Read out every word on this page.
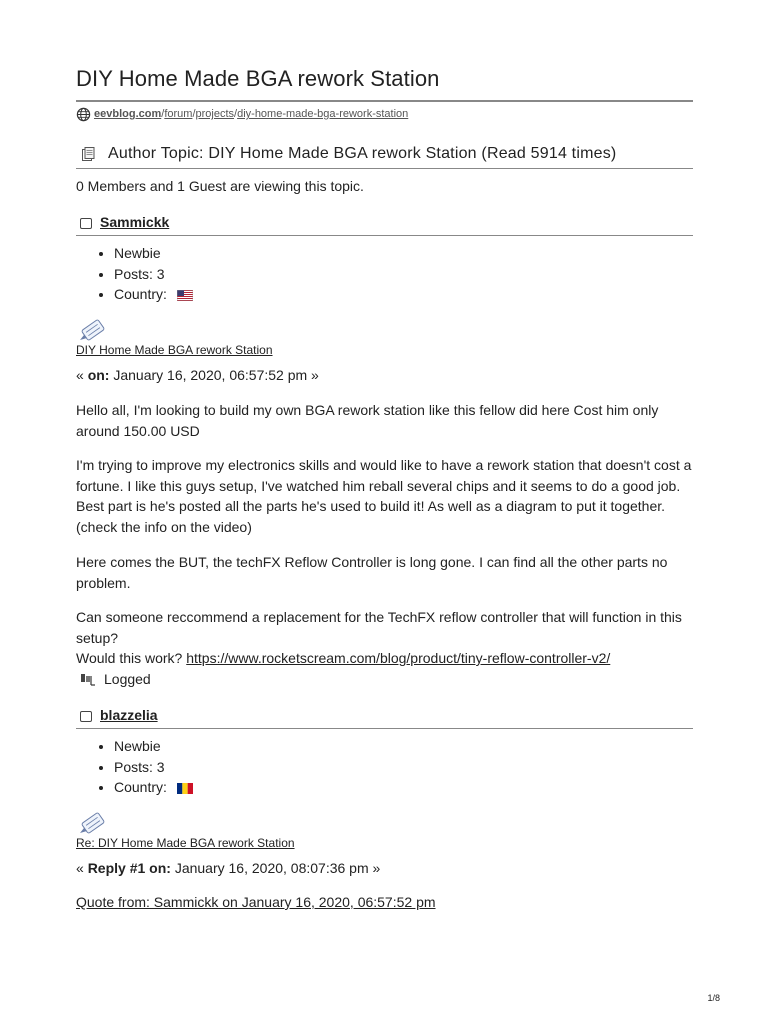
DIY Home Made BGA rework Station
eevblog.com / forum / projects / diy-home-made-bga-rework-station
Author Topic: DIY Home Made BGA rework Station (Read 5914 times)
0 Members and 1 Guest are viewing this topic.
Sammickk
• Newbie
• Posts: 3
• Country:
DIY Home Made BGA rework Station
« on: January 16, 2020, 06:57:52 pm »

Hello all, I'm looking to build my own BGA rework station like this fellow did here Cost him only around 150.00 USD

I'm trying to improve my electronics skills and would like to have a rework station that doesn't cost a fortune. I like this guys setup, I've watched him reball several chips and it seems to do a good job. Best part is he's posted all the parts he's used to build it! As well as a diagram to put it together. (check the info on the video)

Here comes the BUT, the techFX Reflow Controller is long gone. I can find all the other parts no problem.

Can someone reccommend a replacement for the TechFX reflow controller that will function in this setup?
Would this work? https://www.rocketscream.com/blog/product/tiny-reflow-controller-v2/

Logged
blazzelia
• Newbie
• Posts: 3
• Country:
Re: DIY Home Made BGA rework Station
« Reply #1 on: January 16, 2020, 08:07:36 pm »
Quote from: Sammickk on January 16, 2020, 06:57:52 pm
1/8
